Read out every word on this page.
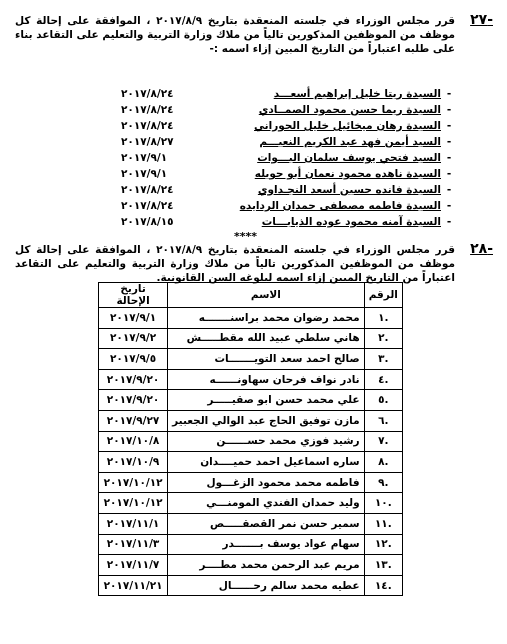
-٢٧
قرر مجلس الوزراء في جلسته المنعقدة بتاريخ ٢٠١٧/٨/٩ ، الموافقة على إحالة كل موظف من الموظفين المذكورين تالياً من ملاك وزارة التربية والتعليم على التقاعد بناء على طلبه اعتباراً من التاريخ المبين إزاء اسمه :-
-
السيدة ريتا خليل إبراهيم أسعـــد
٢٠١٧/٨/٢٤
-
السيدة ريما حسن محمود الصمــادي
٢٠١٧/٨/٢٤
-
السيدة رهان ميخائيل خليل الحوراني
٢٠١٧/٨/٢٤
-
السيد أيمن فهد عبد الكريم النعيـــم
٢٠١٧/٨/٢٧
-
السيد فتحي يوسف سلمان البـــوات
٢٠١٧/٩/١
-
السيدة ناهده محمود نعمان أبو حويله
٢٠١٧/٩/١
-
السيدة فانده حسين أسعد النجـداوي
٢٠١٧/٨/٢٤
-
السيدة فاطمه مصطفى حمدان الردايده
٢٠١٧/٨/٢٤
-
السيدة آمنه محمود عوده الذيابـــات
٢٠١٧/٨/١٥
****
-٢٨
قرر مجلس الوزراء في جلسته المنعقدة بتاريخ ٢٠١٧/٨/٩ ، الموافقة على إحالة كل موظف من الموظفين المذكورين تالياً من ملاك وزارة التربية والتعليم على التقاعد اعتباراً من التاريخ المبين إزاء اسمه لبلوغه السن القانونية.
الرقم	الاسم	تاريخ الإحالة
.١	محمد رضوان محمد براسنـــــــه	٢٠١٧/٩/١
.٢	هاني سلطي عبيد الله مقطـــــش	٢٠١٧/٩/٢
.٣	صالح احمد سعد التويـــــــات	٢٠١٧/٩/٥
.٤	نادر نواف فرحان سهاونــــــه	٢٠١٧/٩/٢٠
.٥	علي محمد حسن ابو صقيـــــر	٢٠١٧/٩/٢٠
.٦	مازن توفيق الحاج عبد الوالي الجعبير	٢٠١٧/٩/٢٧
.٧	رشيد فوزي محمد حســــــن	٢٠١٧/١٠/٨
.٨	ساره اسماعيل احمد حميــــدان	٢٠١٧/١٠/٩
.٩	فاطمه محمد محمود الزغـــول	٢٠١٧/١٠/١٢
.١٠	وليد حمدان الفندي المومنـــي	٢٠١٧/١٠/١٢
.١١	سمير حسن نمر القصقـــــص	٢٠١٧/١١/١
.١٢	سهام عواد يوسف بـــــــدر	٢٠١٧/١١/٣
.١٣	مريم عبد الرحمن محمد مطــــر	٢٠١٧/١١/٧
.١٤	عطيه محمد سالم رحــــــال	٢٠١٧/١١/٢١
